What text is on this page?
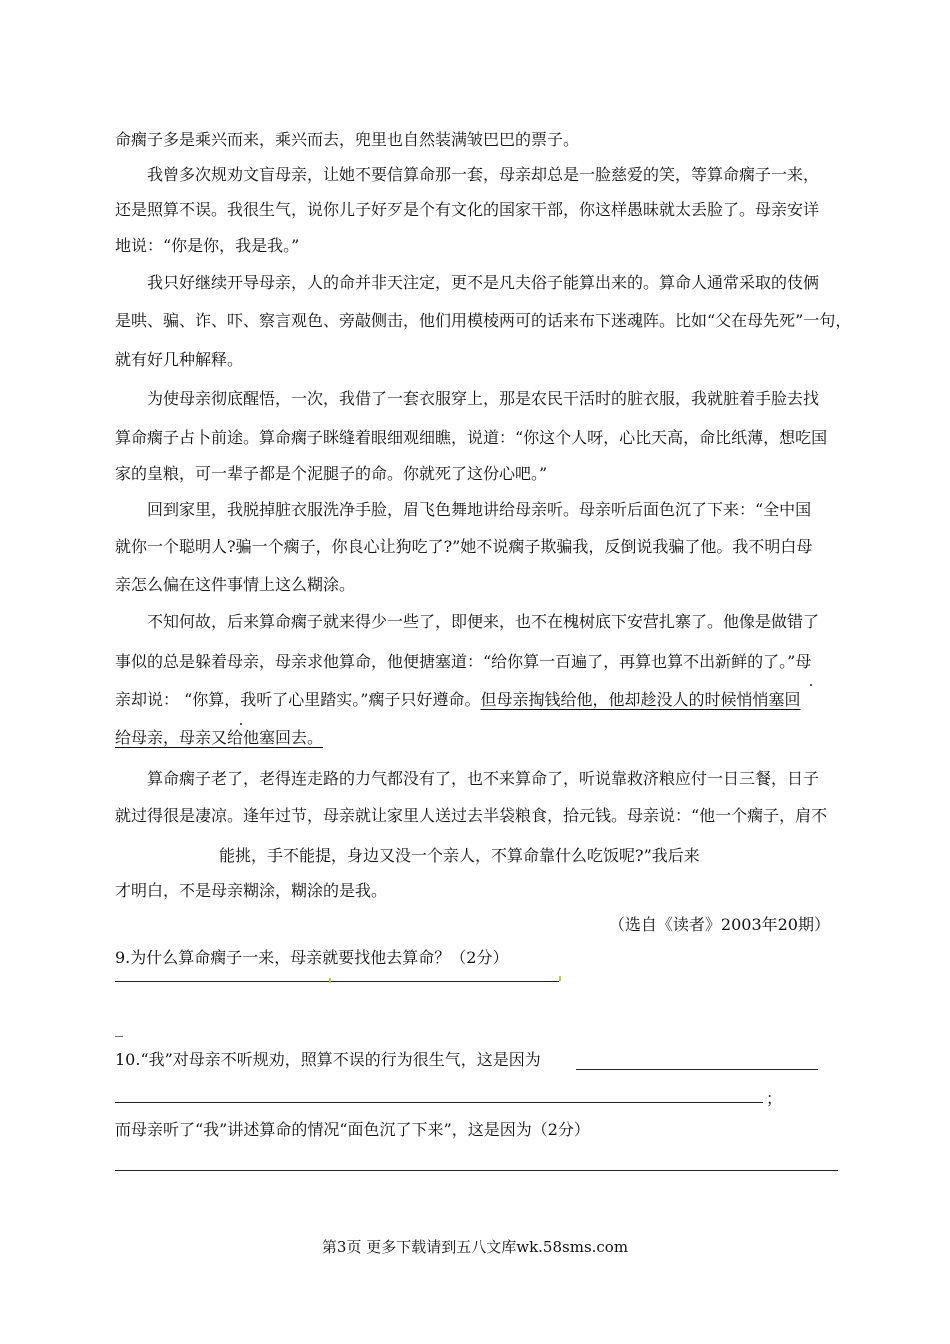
命瘸子多是乘兴而来，乘兴而去，兜里也自然装满皱巴巴的票子。
我曾多次规劝文盲母亲，让她不要信算命那一套，母亲却总是一脸慈爱的笑，等算命瘸子一来，
还是照算不误。我很生气，说你儿子好歹是个有文化的国家干部，你这样愚昧就太丢脸了。母亲安详
地说：“你是你，我是我。”
我只好继续开导母亲，人的命并非天注定，更不是凡夫俗子能算出来的。算命人通常采取的伎俩
是哄、骗、诈、吓、察言观色、旁敲侧击，他们用模棱两可的话来布下迷魂阵。比如“父在母先死”一句，
就有好几种解释。
为使母亲彻底醒悟，一次，我借了一套衣服穿上，那是农民干活时的脏衣服，我就脏着手脸去找
算命瘸子占卜前途。算命瘸子眯缝着眼细观细瞧，说道：“你这个人呀，心比天高，命比纸薄，想吃国
家的皇粮，可一辈子都是个泥腿子的命。你就死了这份心吧。”
回到家里，我脱掉脏衣服洗净手脸，眉飞色舞地讲给母亲听。母亲听后面色沉了下来：“全中国
就你一个聪明人?骗一个瘸子，你良心让狗吃了?”她不说瘸子欺骗我，反倒说我骗了他。我不明白母
亲怎么偏在这件事情上这么糊涂。
不知何故，后来算命瘸子就来得少一些了，即便来，也不在槐树底下安营扎寨了。他像是做错了
事似的总是躲着母亲，母亲求他算命，他便搪塞道：“给你算一百遍了，再算也算不出新鲜的了。”母
亲却说： “你算，我听了心里踏实。”瘸子只好遵命。但母亲掏钱给他，他却趁没人的时候悄悄塞回
给母亲，母亲又给他塞回去。
算命瘸子老了，老得连走路的力气都没有了，也不来算命了，听说靠救济粮应付一日三餐，日子
就过得很是凄凉。逢年过节，母亲就让家里人送过去半袋粮食，拾元钱。母亲说：“他一个瘸子，肩不
能挑，手不能提，身边又没一个亲人，不算命靠什么吃饭呢?”我后来
才明白，不是母亲糊涂，糊涂的是我。
（选自《读者》2003年20期）
9.为什么算命瘸子一来，母亲就要找他去算命？（2分）
_
10.“我”对母亲不听规劝，照算不误的行为很生气，这是因为
；
而母亲听了“我”讲述算命的情况“面色沉了下来”，这是因为（2分）
第3页 更多下载请到五八文库wk.58sms.com
